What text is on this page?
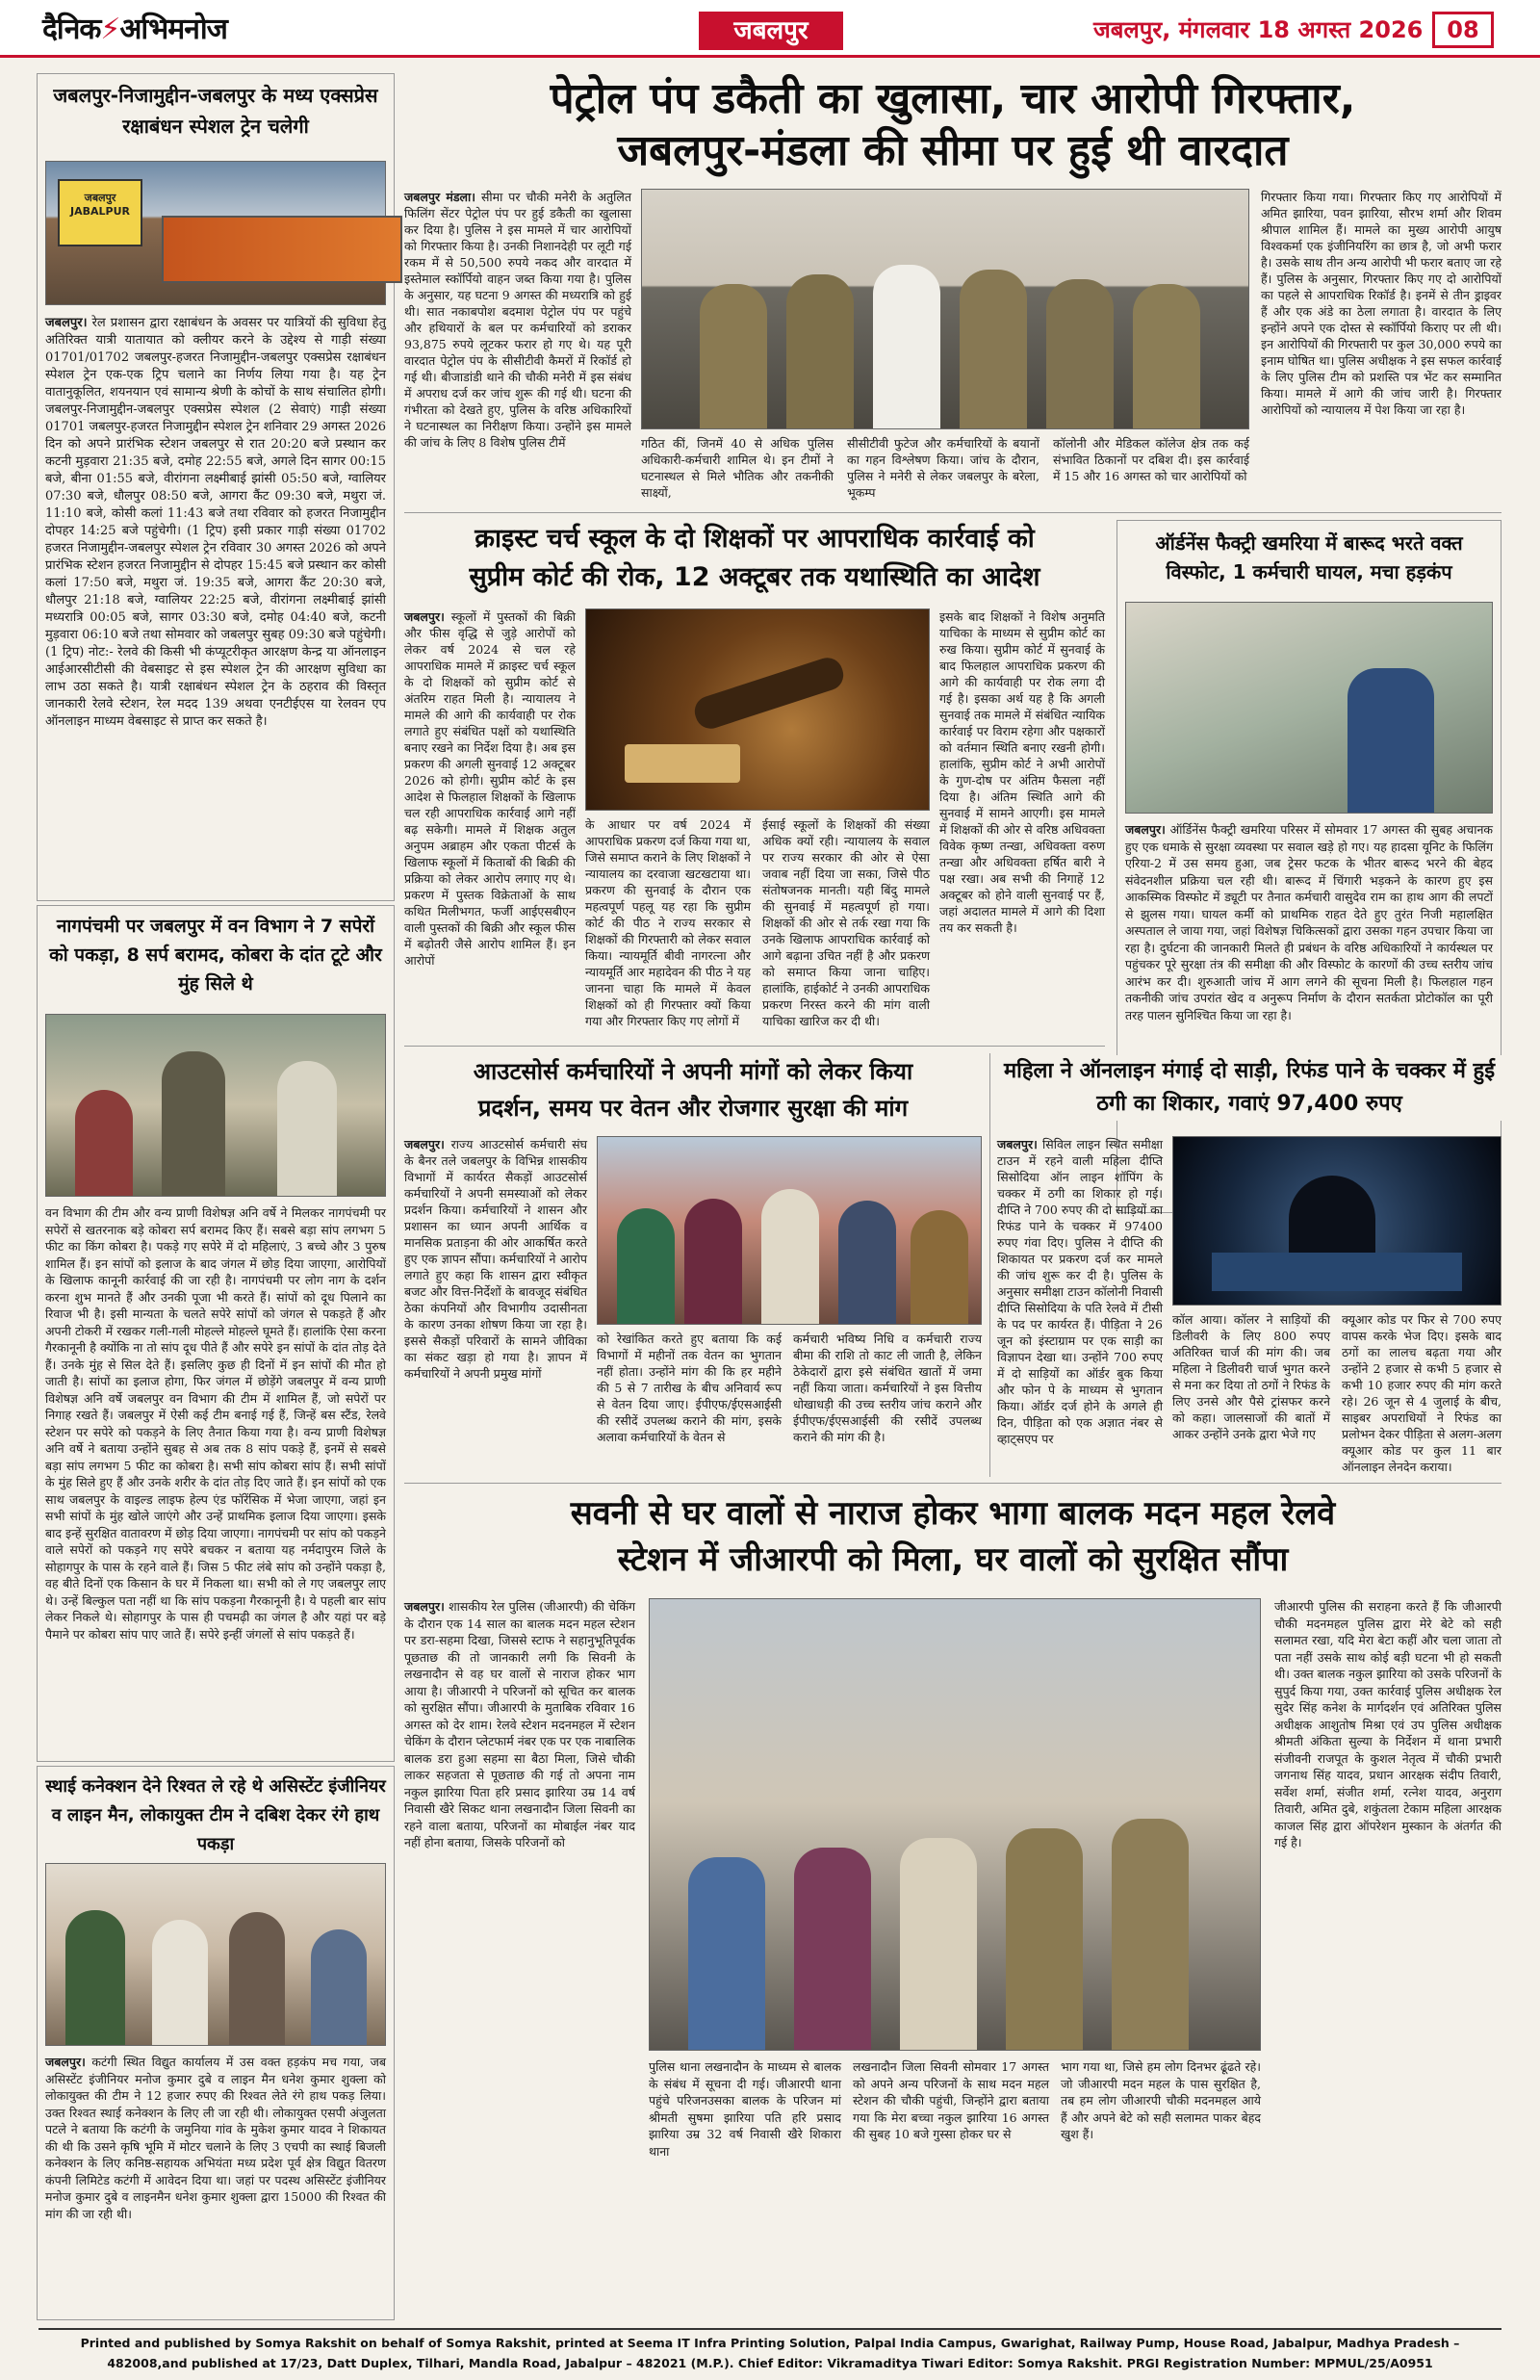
दैनिक⚡अभिमनोज	जबलपुर	जबलपुर, मंगलवार 18 अगस्त 2026	08
जबलपुर-निजामुद्दीन-जबलपुर के मध्य एक्सप्रेस रक्षाबंधन स्पेशल ट्रेन चलेगी
जबलपुर JABALPUR
जबलपुर। रेल प्रशासन द्वारा रक्षाबंधन के अवसर पर यात्रियों की सुविधा हेतु अतिरिक्त यात्री यातायात को क्लीयर करने के उद्देश्य से गाड़ी संख्या 01701/01702 जबलपुर-हजरत निजामुद्दीन-जबलपुर एक्सप्रेस रक्षाबंधन स्पेशल ट्रेन एक-एक ट्रिप चलाने का निर्णय लिया गया है। यह ट्रेन वातानुकूलित, शयनयान एवं सामान्य श्रेणी के कोचों के साथ संचालित होगी। जबलपुर-निजामुद्दीन-जबलपुर एक्सप्रेस स्पेशल (2 सेवाएं) गाड़ी संख्या 01701 जबलपुर-हजरत निजामुद्दीन स्पेशल ट्रेन शनिवार 29 अगस्त 2026 दिन को अपने प्रारंभिक स्टेशन जबलपुर से रात 20:20 बजे प्रस्थान कर कटनी मुड़वारा 21:35 बजे, दमोह 22:55 बजे, अगले दिन सागर 00:15 बजे, बीना 01:55 बजे, वीरांगना लक्ष्मीबाई झांसी 05:50 बजे, ग्वालियर 07:30 बजे, धौलपुर 08:50 बजे, आगरा कैंट 09:30 बजे, मथुरा जं. 11:10 बजे, कोसी कलां 11:43 बजे तथा रविवार को हजरत निजामुद्दीन दोपहर 14:25 बजे पहुंचेगी। (1 ट्रिप) इसी प्रकार गाड़ी संख्या 01702 हजरत निजामुद्दीन-जबलपुर स्पेशल ट्रेन रविवार 30 अगस्त 2026 को अपने प्रारंभिक स्टेशन हजरत निजामुद्दीन से दोपहर 15:45 बजे प्रस्थान कर कोसी कलां 17:50 बजे, मथुरा जं. 19:35 बजे, आगरा कैंट 20:30 बजे, धौलपुर 21:18 बजे, ग्वालियर 22:25 बजे, वीरांगना लक्ष्मीबाई झांसी मध्यरात्रि 00:05 बजे, सागर 03:30 बजे, दमोह 04:40 बजे, कटनी मुड़वारा 06:10 बजे तथा सोमवार को जबलपुर सुबह 09:30 बजे पहुंचेगी। (1 ट्रिप) नोट:- रेलवे की किसी भी कंप्यूटरीकृत आरक्षण केन्द्र या ऑनलाइन आईआरसीटीसी की वेबसाइट से इस स्पेशल ट्रेन की आरक्षण सुविधा का लाभ उठा सकते है। यात्री रक्षाबंधन स्पेशल ट्रेन के ठहराव की विस्तृत जानकारी रेलवे स्टेशन, रेल मदद 139 अथवा एनटीईएस या रेलवन एप ऑनलाइन माध्यम वेबसाइट से प्राप्त कर सकते है।
नागपंचमी पर जबलपुर में वन विभाग ने 7 सपेरों को पकड़ा, 8 सर्प बरामद, कोबरा के दांत टूटे और मुंह सिले थे
वन विभाग की टीम और वन्य प्राणी विशेषज्ञ अनि वर्षे ने मिलकर नागपंचमी पर सपेरों से खतरनाक बड़े कोबरा सर्प बरामद किए हैं। सबसे बड़ा सांप लगभग 5 फीट का किंग कोबरा है। पकड़े गए सपेरे में दो महिलाएं, 3 बच्चे और 3 पुरुष शामिल हैं। इन सांपों को इलाज के बाद जंगल में छोड़ दिया जाएगा, आरोपियों के खिलाफ कानूनी कार्रवाई की जा रही है। नागपंचमी पर लोग नाग के दर्शन करना शुभ मानते हैं और उनकी पूजा भी करते हैं। सांपों को दूध पिलाने का रिवाज भी है। इसी मान्यता के चलते सपेरे सांपों को जंगल से पकड़ते हैं और अपनी टोकरी में रखकर गली-गली मोहल्ले मोहल्ले घूमते हैं। हालांकि ऐसा करना गैरकानूनी है क्योंकि ना तो सांप दूध पीते हैं और सपेरे इन सांपों के दांत तोड़ देते हैं। उनके मुंह से सिल देते हैं। इसलिए कुछ ही दिनों में इन सांपों की मौत हो जाती है। सांपों का इलाज होगा, फिर जंगल में छोड़ेंगे जबलपुर में वन्य प्राणी विशेषज्ञ अनि वर्षे जबलपुर वन विभाग की टीम में शामिल हैं, जो सपेरों पर निगाह रखते हैं। जबलपुर में ऐसी कई टीम बनाई गई हैं, जिन्हें बस स्टैंड, रेलवे स्टेशन पर सपेरे को पकड़ने के लिए तैनात किया गया है। वन्य प्राणी विशेषज्ञ अनि वर्षे ने बताया उन्होंने सुबह से अब तक 8 सांप पकड़े हैं, इनमें से सबसे बड़ा सांप लगभग 5 फीट का कोबरा है। सभी सांप कोबरा सांप हैं। सभी सांपों के मुंह सिले हुए हैं और उनके शरीर के दांत तोड़ दिए जाते हैं। इन सांपों को एक साथ जबलपुर के वाइल्ड लाइफ हेल्प एंड फॉरेंसिक में भेजा जाएगा, जहां इन सभी सांपों के मुंह खोले जाएंगे और उन्हें प्राथमिक इलाज दिया जाएगा। इसके बाद इन्हें सुरक्षित वातावरण में छोड़ दिया जाएगा। नागपंचमी पर सांप को पकड़ने वाले सपेरों को पकड़ने गए सपेरे बचकर न बताया यह नर्मदापुरम जिले के सोहागपुर के पास के रहने वाले हैं। जिस 5 फीट लंबे सांप को उन्होंने पकड़ा है, वह बीते दिनों एक किसान के घर में निकला था। सभी को ले गए जबलपुर लाए थे। उन्हें बिल्कुल पता नहीं था कि सांप पकड़ना गैरकानूनी है। ये पहली बार सांप लेकर निकले थे। सोहागपुर के पास ही पचमढ़ी का जंगल है और यहां पर बड़े पैमाने पर कोबरा सांप पाए जाते हैं। सपेरे इन्हीं जंगलों से सांप पकड़ते हैं।
स्थाई कनेक्शन देने रिश्वत ले रहे थे असिस्टेंट इंजीनियर व लाइन मैन, लोकायुक्त टीम ने दबिश देकर रंगे हाथ पकड़ा
जबलपुर। कटंगी स्थित विद्युत कार्यालय में उस वक्त हड़कंप मच गया, जब असिस्टेंट इंजीनियर मनोज कुमार दुबे व लाइन मैन धनेश कुमार शुक्ला को लोकायुक्त की टीम ने 12 हजार रुपए की रिश्वत लेते रंगे हाथ पकड़ लिया। उक्त रिश्वत स्थाई कनेक्शन के लिए ली जा रही थी। लोकायुक्त एसपी अंजुलता पटले ने बताया कि कटंगी के जमुनिया गांव के मुकेश कुमार यादव ने शिकायत की थी कि उसने कृषि भूमि में मोटर चलाने के लिए 3 एचपी का स्थाई बिजली कनेक्शन के लिए कनिष्ठ-सहायक अभियंता मध्य प्रदेश पूर्व क्षेत्र विद्युत वितरण कंपनी लिमिटेड कटंगी में आवेदन दिया था। जहां पर पदस्थ असिस्टेंट इंजीनियर मनोज कुमार दुबे व लाइनमैन धनेश कुमार शुक्ला द्वारा 15000 की रिश्वत की मांग की जा रही थी।
पेट्रोल पंप डकैती का खुलासा, चार आरोपी गिरफ्तार,
जबलपुर-मंडला की सीमा पर हुई थी वारदात
जबलपुर मंडला। सीमा पर चौकी मनेरी के अतुलित फिलिंग सेंटर पेट्रोल पंप पर हुई डकैती का खुलासा कर दिया है। पुलिस ने इस मामले में चार आरोपियों को गिरफ्तार किया है। उनकी निशानदेही पर लूटी गई रकम में से 50,500 रुपये नकद और वारदात में इस्तेमाल स्कॉर्पियो वाहन जब्त किया गया है। पुलिस के अनुसार, यह घटना 9 अगस्त की मध्यरात्रि को हुई थी। सात नकाबपोश बदमाश पेट्रोल पंप पर पहुंचे और हथियारों के बल पर कर्मचारियों को डराकर 93,875 रुपये लूटकर फरार हो गए थे। यह पूरी वारदात पेट्रोल पंप के सीसीटीवी कैमरों में रिकॉर्ड हो गई थी। बीजाडांडी थाने की चौकी मनेरी में इस संबंध में अपराध दर्ज कर जांच शुरू की गई थी। घटना की गंभीरता को देखते हुए, पुलिस के वरिष्ठ अधिकारियों ने घटनास्थल का निरीक्षण किया। उन्होंने इस मामले की जांच के लिए 8 विशेष पुलिस टीमें	गठित कीं, जिनमें 40 से अधिक पुलिस अधिकारी-कर्मचारी शामिल थे। इन टीमों ने घटनास्थल से मिले भौतिक और तकनीकी साक्ष्यों,
सीसीटीवी फुटेज और कर्मचारियों के बयानों का गहन विश्लेषण किया। जांच के दौरान, पुलिस ने मनेरी से लेकर जबलपुर के बरेला, भूकम्प
कॉलोनी और मेडिकल कॉलेज क्षेत्र तक कई संभावित ठिकानों पर दबिश दी। इस कार्रवाई में 15 और 16 अगस्त को चार आरोपियों को
गिरफ्तार किया गया। गिरफ्तार किए गए आरोपियों में अमित झारिया, पवन झारिया, सौरभ शर्मा और शिवम श्रीपाल शामिल हैं। मामले का मुख्य आरोपी आयुष विश्वकर्मा एक इंजीनियरिंग का छात्र है, जो अभी फरार है। उसके साथ तीन अन्य आरोपी भी फरार बताए जा रहे हैं। पुलिस के अनुसार, गिरफ्तार किए गए दो आरोपियों का पहले से आपराधिक रिकॉर्ड है। इनमें से तीन ड्राइवर हैं और एक अंडे का ठेला लगाता है। वारदात के लिए इन्होंने अपने एक दोस्त से स्कॉर्पियो किराए पर ली थी। इन आरोपियों की गिरफ्तारी पर कुल 30,000 रुपये का इनाम घोषित था। पुलिस अधीक्षक ने इस सफल कार्रवाई के लिए पुलिस टीम को प्रशस्ति पत्र भेंट कर सम्मानित किया। मामले में आगे की जांच जारी है। गिरफ्तार आरोपियों को न्यायालय में पेश किया जा रहा है।
क्राइस्ट चर्च स्कूल के दो शिक्षकों पर आपराधिक कार्रवाई को
सुप्रीम कोर्ट की रोक, 12 अक्टूबर तक यथास्थिति का आदेश
जबलपुर। स्कूलों में पुस्तकों की बिक्री और फीस वृद्धि से जुड़े आरोपों को लेकर वर्ष 2024 से चल रहे आपराधिक मामले में क्राइस्ट चर्च स्कूल के दो शिक्षकों को सुप्रीम कोर्ट से अंतरिम राहत मिली है। न्यायालय ने मामले की आगे की कार्यवाही पर रोक लगाते हुए संबंधित पक्षों को यथास्थिति बनाए रखने का निर्देश दिया है। अब इस प्रकरण की अगली सुनवाई 12 अक्टूबर 2026 को होगी। सुप्रीम कोर्ट के इस आदेश से फिलहाल शिक्षकों के खिलाफ चल रही आपराधिक कार्रवाई आगे नहीं बढ़ सकेगी। मामले में शिक्षक अतुल अनुपम अब्राहम और एकता पीटर्स के खिलाफ स्कूलों में किताबों की बिक्री की प्रक्रिया को लेकर आरोप लगाए गए थे। प्रकरण में पुस्तक विक्रेताओं के साथ कथित मिलीभगत, फर्जी आईएसबीएन वाली पुस्तकों की बिक्री और स्कूल फीस में बढ़ोतरी जैसे आरोप शामिल हैं। इन आरोपों
के आधार पर वर्ष 2024 में आपराधिक प्रकरण दर्ज किया गया था, जिसे समाप्त कराने के लिए शिक्षकों ने न्यायालय का दरवाजा खटखटाया था। प्रकरण की सुनवाई के दौरान एक महत्वपूर्ण पहलू यह रहा कि सुप्रीम कोर्ट की पीठ ने राज्य सरकार से शिक्षकों की गिरफ्तारी को लेकर सवाल किया। न्यायमूर्ति बीवी नागरत्ना और न्यायमूर्ति आर महादेवन की पीठ ने यह जानना चाहा कि मामले में केवल शिक्षकों को ही गिरफ्तार क्यों किया गया और गिरफ्तार किए गए लोगों में
ईसाई स्कूलों के शिक्षकों की संख्या अधिक क्यों रही। न्यायालय के सवाल पर राज्य सरकार की ओर से ऐसा जवाब नहीं दिया जा सका, जिसे पीठ संतोषजनक मानती। यही बिंदु मामले की सुनवाई में महत्वपूर्ण हो गया। शिक्षकों की ओर से तर्क रखा गया कि उनके खिलाफ आपराधिक कार्रवाई को आगे बढ़ाना उचित नहीं है और प्रकरण को समाप्त किया जाना चाहिए। हालांकि, हाईकोर्ट ने उनकी आपराधिक प्रकरण निरस्त करने की मांग वाली याचिका खारिज कर दी थी।
इसके बाद शिक्षकों ने विशेष अनुमति याचिका के माध्यम से सुप्रीम कोर्ट का रुख किया। सुप्रीम कोर्ट में सुनवाई के बाद फिलहाल आपराधिक प्रकरण की आगे की कार्यवाही पर रोक लगा दी गई है। इसका अर्थ यह है कि अगली सुनवाई तक मामले में संबंधित न्यायिक कार्रवाई पर विराम रहेगा और पक्षकारों को वर्तमान स्थिति बनाए रखनी होगी। हालांकि, सुप्रीम कोर्ट ने अभी आरोपों के गुण-दोष पर अंतिम फैसला नहीं दिया है। अंतिम स्थिति आगे की सुनवाई में सामने आएगी। इस मामले में शिक्षकों की ओर से वरिष्ठ अधिवक्ता विवेक कृष्ण तन्खा, अधिवक्ता वरुण तन्खा और अधिवक्ता हर्षित बारी ने पक्ष रखा। अब सभी की निगाहें 12 अक्टूबर को होने वाली सुनवाई पर हैं, जहां अदालत मामले में आगे की दिशा तय कर सकती है।
ऑर्डनेंस फैक्ट्री खमरिया में बारूद भरते वक्त विस्फोट, 1 कर्मचारी घायल, मचा हड़कंप
जबलपुर। ऑर्डिनेंस फैक्ट्री खमरिया परिसर में सोमवार 17 अगस्त की सुबह अचानक हुए एक धमाके से सुरक्षा व्यवस्था पर सवाल खड़े हो गए। यह हादसा यूनिट के फिलिंग एरिया-2 में उस समय हुआ, जब ट्रेसर फटक के भीतर बारूद भरने की बेहद संवेदनशील प्रक्रिया चल रही थी। बारूद में चिंगारी भड़कने के कारण हुए इस आकस्मिक विस्फोट में ड्यूटी पर तैनात कर्मचारी वासुदेव राम का हाथ आग की लपटों से झुलस गया। घायल कर्मी को प्राथमिक राहत देते हुए तुरंत निजी महालक्षित अस्पताल ले जाया गया, जहां विशेषज्ञ चिकित्सकों द्वारा उसका गहन उपचार किया जा रहा है। दुर्घटना की जानकारी मिलते ही प्रबंधन के वरिष्ठ अधिकारियों ने कार्यस्थल पर पहुंचकर पूरे सुरक्षा तंत्र की समीक्षा की और विस्फोट के कारणों की उच्च स्तरीय जांच आरंभ कर दी। शुरुआती जांच में आग लगने की सूचना मिली है। फिलहाल गहन तकनीकी जांच उपरांत खेद व अनुरूप निर्माण के दौरान सतर्कता प्रोटोकॉल का पूरी तरह पालन सुनिश्चित किया जा रहा है।
आउटसोर्स कर्मचारियों ने अपनी मांगों को लेकर किया
प्रदर्शन, समय पर वेतन और रोजगार सुरक्षा की मांग
जबलपुर। राज्य आउटसोर्स कर्मचारी संघ के बैनर तले जबलपुर के विभिन्न शासकीय विभागों में कार्यरत सैकड़ों आउटसोर्स कर्मचारियों ने अपनी समस्याओं को लेकर प्रदर्शन किया। कर्मचारियों ने शासन और प्रशासन का ध्यान अपनी आर्थिक व मानसिक प्रताड़ना की ओर आकर्षित करते हुए एक ज्ञापन सौंपा। कर्मचारियों ने आरोप लगाते हुए कहा कि शासन द्वारा स्वीकृत बजट और वित्त-निर्देशों के बावजूद संबंधित ठेका कंपनियों और विभागीय उदासीनता के कारण उनका शोषण किया जा रहा है। इससे सैकड़ों परिवारों के सामने जीविका का संकट खड़ा हो गया है। ज्ञापन में कर्मचारियों ने अपनी प्रमुख मांगों
को रेखांकित करते हुए बताया कि कई विभागों में महीनों तक वेतन का भुगतान नहीं होता। उन्होंने मांग की कि हर महीने की 5 से 7 तारीख के बीच अनिवार्य रूप से वेतन दिया जाए। ईपीएफ/ईएसआईसी की रसीदें उपलब्ध कराने की मांग, इसके अलावा कर्मचारियों के वेतन से
कर्मचारी भविष्य निधि व कर्मचारी राज्य बीमा की राशि तो काट ली जाती है, लेकिन ठेकेदारों द्वारा इसे संबंधित खातों में जमा नहीं किया जाता। कर्मचारियों ने इस वित्तीय धोखाधड़ी की उच्च स्तरीय जांच कराने और ईपीएफ/ईएसआईसी की रसीदें उपलब्ध कराने की मांग की है।
महिला ने ऑनलाइन मंगाई दो साड़ी, रिफंड पाने के चक्कर में हुई ठगी का शिकार, गवाएं 97,400 रुपए
जबलपुर। सिविल लाइन स्थित समीक्षा टाउन में रहने वाली महिला दीप्ति सिसोदिया ऑन लाइन शॉपिंग के चक्कर में ठगी का शिकार हो गई। दीप्ति ने 700 रुपए की दो साड़ियों का रिफंड पाने के चक्कर में 97400 रुपए गंवा दिए। पुलिस ने दीप्ति की शिकायत पर प्रकरण दर्ज कर मामले की जांच शुरू कर दी है। पुलिस के अनुसार समीक्षा टाउन कॉलोनी निवासी दीप्ति सिसोदिया के पति रेलवे में टीसी के पद पर कार्यरत हैं। पीड़िता ने 26 जून को इंस्टाग्राम पर एक साड़ी का विज्ञापन देखा था। उन्होंने 700 रुपए में दो साड़ियों का ऑर्डर बुक किया और फोन पे के माध्यम से भुगतान किया। ऑर्डर दर्ज होने के अगले ही दिन, पीड़िता को एक अज्ञात नंबर से व्हाट्सएप पर
कॉल आया। कॉलर ने साड़ियों की डिलीवरी के लिए 800 रुपए अतिरिक्त चार्ज की मांग की। जब महिला ने डिलीवरी चार्ज भुगत करने से मना कर दिया तो ठगों ने रिफंड के लिए उनसे और पैसे ट्रांसफर करने को कहा। जालसाजों की बातों में आकर उन्होंने उनके द्वारा भेजे गए
क्यूआर कोड पर फिर से 700 रुपए वापस करके भेज दिए। इसके बाद ठगों का लालच बढ़ता गया और उन्होंने 2 हजार से कभी 5 हजार से कभी 10 हजार रुपए की मांग करते रहे। 26 जून से 4 जुलाई के बीच, साइबर अपराधियों ने रिफंड का प्रलोभन देकर पीड़िता से अलग-अलग क्यूआर कोड पर कुल 11 बार ऑनलाइन लेनदेन कराया।
सवनी से घर वालों से नाराज होकर भागा बालक मदन महल रेलवे
स्टेशन में जीआरपी को मिला, घर वालों को सुरक्षित सौंपा
जबलपुर। शासकीय रेल पुलिस (जीआरपी) की चेकिंग के दौरान एक 14 साल का बालक मदन महल स्टेशन पर डरा-सहमा दिखा, जिससे स्टाफ ने सहानुभूतिपूर्वक पूछताछ की तो जानकारी लगी कि सिवनी के लखनादौन से वह घर वालों से नाराज होकर भाग आया है। जीआरपी ने परिजनों को सूचित कर बालक को सुरक्षित सौंपा। जीआरपी के मुताबिक रविवार 16 अगस्त को देर शाम। रेलवे स्टेशन मदनमहल में स्टेशन चेकिंग के दौरान प्लेटफार्म नंबर एक पर एक नाबालिक बालक डरा हुआ सहमा सा बैठा मिला, जिसे चौकी लाकर सहजता से पूछताछ की गई तो अपना नाम नकुल झारिया पिता हरि प्रसाद झारिया उम्र 14 वर्ष निवासी खैरे सिकट थाना लखनादौन जिला सिवनी का रहने वाला बताया, परिजनों का मोबाईल नंबर याद नहीं होना बताया, जिसके परिजनों को
पुलिस थाना लखनादौन के माध्यम से बालक के संबंध में सूचना दी गई। जीआरपी थाना पहुंचे परिजनउसका बालक के परिजन मां श्रीमती सुषमा झारिया पति हरि प्रसाद झारिया उम्र 32 वर्ष निवासी खैरे शिकारा थाना
लखनादौन जिला सिवनी सोमवार 17 अगस्त को अपने अन्य परिजनों के साथ मदन महल स्टेशन की चौकी पहुंची, जिन्होंने द्वारा बताया गया कि मेरा बच्चा नकुल झारिया 16 अगस्त की सुबह 10 बजे गुस्सा होकर घर से
भाग गया था, जिसे हम लोग दिनभर ढूंढते रहे। जो जीआरपी मदन महल के पास सुरक्षित है, तब हम लोग जीआरपी चौकी मदनमहल आये हैं और अपने बेटे को सही सलामत पाकर बेहद खुश हैं।
जीआरपी पुलिस की सराहना करते हैं कि जीआरपी चौकी मदनमहल पुलिस द्वारा मेरे बेटे को सही सलामत रखा, यदि मेरा बेटा कहीं और चला जाता तो पता नहीं उसके साथ कोई बड़ी घटना भी हो सकती थी। उक्त बालक नकुल झारिया को उसके परिजनों के सुपुर्द किया गया, उक्त कार्रवाई पुलिस अधीक्षक रेल सुदेर सिंह कनेश के मार्गदर्शन एवं अतिरिक्त पुलिस अधीक्षक आशुतोष मिश्रा एवं उप पुलिस अधीक्षक श्रीमती अंकिता सुल्या के निर्देशन में थाना प्रभारी संजीवनी राजपूत के कुशल नेतृत्व में चौकी प्रभारी जगनाथ सिंह यादव, प्रधान आरक्षक संदीप तिवारी, सर्वेश शर्मा, संजीत शर्मा, रत्नेश यादव, अनुराग तिवारी, अमित दुबे, शकुंतला टेकाम महिला आरक्षक काजल सिंह द्वारा ऑपरेशन मुस्कान के अंतर्गत की गई है।
Printed and published by Somya Rakshit on behalf of Somya Rakshit, printed at Seema IT Infra Printing Solution, Palpal India Campus, Gwarighat, Railway Pump, House Road, Jabalpur, Madhya Pradesh –
482008,and published at 17/23, Datt Duplex, Tilhari, Mandla Road, Jabalpur – 482021 (M.P.). Chief Editor: Vikramaditya Tiwari Editor: Somya Rakshit. PRGI Registration Number: MPMUL/25/A0951
